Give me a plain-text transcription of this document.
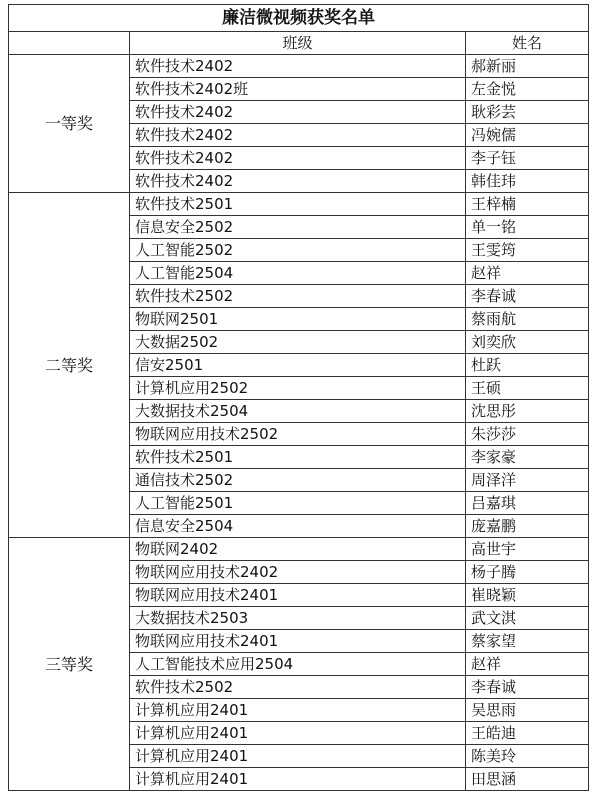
廉洁微视频获奖名单		
	班级	姓名
一等奖	软件技术2402	郝新丽
	软件技术2402班	左金悦
	软件技术2402	耿彩芸
	软件技术2402	冯婉儒
	软件技术2402	李子钰
	软件技术2402	韩佳玮
二等奖	软件技术2501	王梓楠
	信息安全2502	单一铭
	人工智能2502	王雯筠
	人工智能2504	赵祥
	软件技术2502	李春诚
	物联网2501	蔡雨航
	大数据2502	刘奕欣
	信安2501	杜跃
	计算机应用2502	王硕
	大数据技术2504	沈思彤
	物联网应用技术2502	朱莎莎
	软件技术2501	李家豪
	通信技术2502	周泽洋
	人工智能2501	吕嘉琪
	信息安全2504	庞嘉鹏
三等奖	物联网2402	高世宇
	物联网应用技术2402	杨子腾
	物联网应用技术2401	崔晓颖
	大数据技术2503	武文淇
	物联网应用技术2401	蔡家望
	人工智能技术应用2504	赵祥
	软件技术2502	李春诚
	计算机应用2401	吴思雨
	计算机应用2401	王皓迪
	计算机应用2401	陈美玲
	计算机应用2401	田思涵
